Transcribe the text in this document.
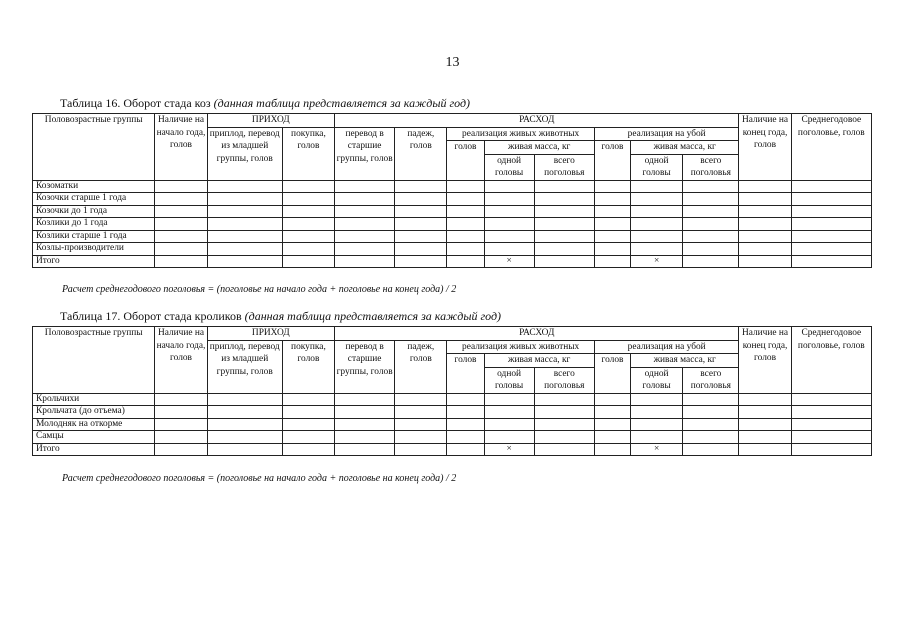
13
Таблица 16. Оборот стада коз (данная таблица представляется за каждый год)
Половозрастные группы	Наличие на начало года, голов	ПРИХОД		РАСХОД								Наличие на конец года, голов	Среднегодовое поголовье, голов
		приплод, перевод из младшей группы, голов	покупка, голов	перевод в старшие группы, голов	падеж, голов	реализация живых животных			реализация на убой				
						голов	живая масса, кг		голов	живая масса, кг			
							одной головы	всего поголовья		одной головы	всего поголовья		
Козоматки													
Козочки старше 1 года													
Козочки до 1 года													
Козлики до 1 года													
Козлики старше 1 года													
Козлы-производители													
Итого							×			×			
Расчет среднегодового поголовья = (поголовье на начало года + поголовье на конец года) / 2
Таблица 17. Оборот стада кроликов (данная таблица представляется за каждый год)
Половозрастные группы	Наличие на начало года, голов	ПРИХОД		РАСХОД								Наличие на конец года, голов	Среднегодовое поголовье, голов
		приплод, перевод из младшей группы, голов	покупка, голов	перевод в старшие группы, голов	падеж, голов	реализация живых животных			реализация на убой				
						голов	живая масса, кг		голов	живая масса, кг			
							одной головы	всего поголовья		одной головы	всего поголовья		
Крольчихи													
Крольчата (до отъема)													
Молодняк на откорме													
Самцы													
Итого							×			×			
Расчет среднегодового поголовья = (поголовье на начало года + поголовье на конец года) / 2
